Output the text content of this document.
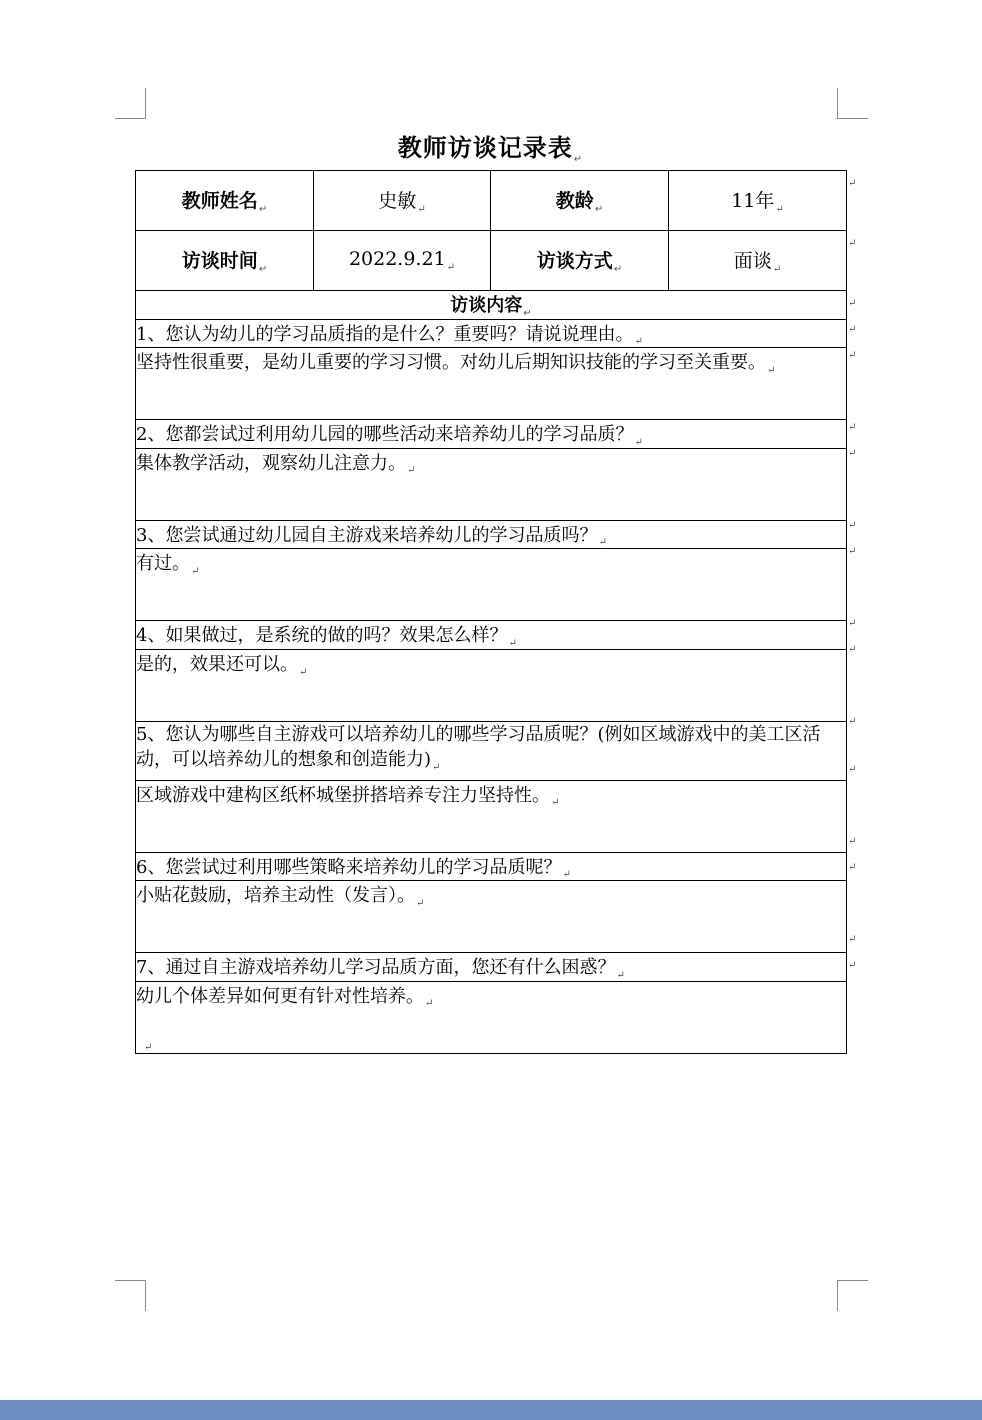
教师访谈记录表$_↵$
教师姓名$_↵$	史敏$_↵$	教龄$_↵$	11年$_↵$
访谈时间$_↵$	$2022.9.21_↵$	访谈方式$_↵$	面谈$_↵$
访谈内容$_↵$
1、您认为幼儿的学习品质指的是什么？重要吗？请说说理由。$_↵$
坚持性很重要，是幼儿重要的学习习惯。对幼儿后期知识技能的学习至关重要。$_↵$
2、您都尝试过利用幼儿园的哪些活动来培养幼儿的学习品质？$_↵$
集体教学活动，观察幼儿注意力。$_↵$
3、您尝试通过幼儿园自主游戏来培养幼儿的学习品质吗？$_↵$
有过。$_↵$
4、如果做过，是系统的做的吗？效果怎么样？$_↵$
是的，效果还可以。$_↵$
5、您认为哪些自主游戏可以培养幼儿的哪些学习品质呢？(例如区域游戏中的美工区活动，可以培养幼儿的想象和创造能力)$_↵$
区域游戏中建构区纸杯城堡拼搭培养专注力坚持性。$_↵$
6、您尝试过利用哪些策略来培养幼儿的学习品质呢？$_↵$
小贴花鼓励，培养主动性（发言）。$_↵$
7、通过自主游戏培养幼儿学习品质方面，您还有什么困惑？$_↵$
幼儿个体差异如何更有针对性培养。$_↵$
↵
↵
↵
↵
↵
↵
↵
↵
↵
↵
↵
↵
↵
↵
↵
↵
↵
↵
